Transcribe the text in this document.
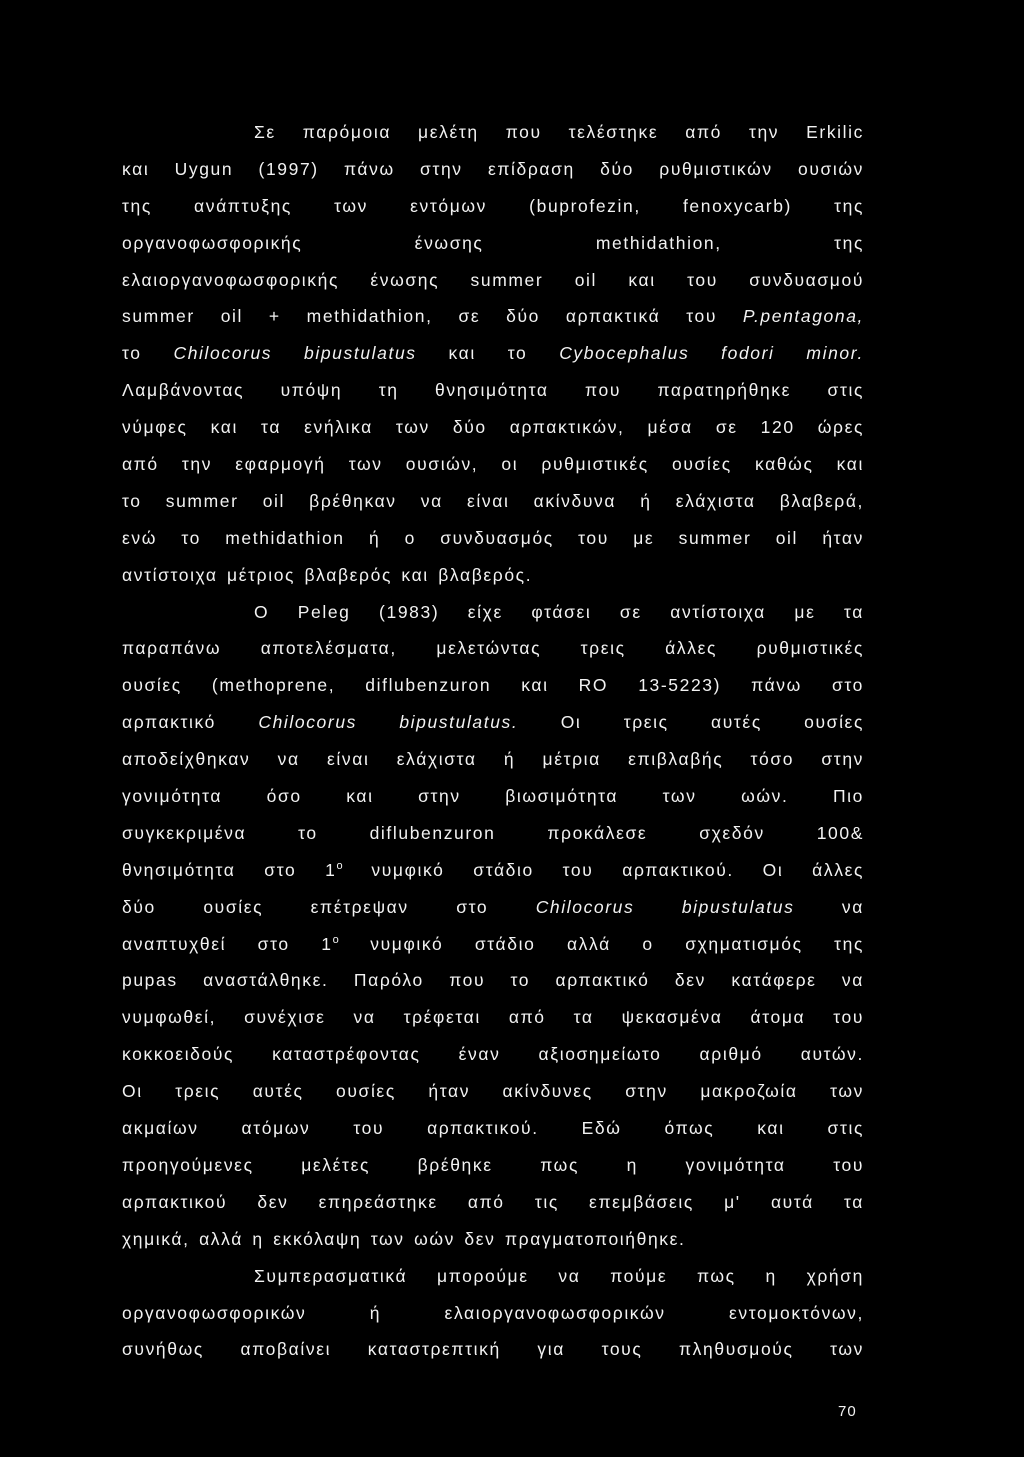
Σε παρόμοια μελέτη που τελέστηκε από την Erkilic
και Uygun (1997) πάνω στην επίδραση δύο ρυθμιστικών ουσιών
της ανάπτυξης των εντόμων (buprofezin, fenoxycarb) της
οργανοφωσφορικής ένωσης methidathion, της
ελαιοργανοφωσφορικής ένωσης summer oil και του συνδυασμού
summer oil + methidathion, σε δύο αρπακτικά του P.pentagona,
το Chilocorus bipustulatus και το Cybocephalus fodori minor.
Λαμβάνοντας υπόψη τη θνησιμότητα που παρατηρήθηκε στις
νύμφες και τα ενήλικα των δύο αρπακτικών, μέσα σε 120 ώρες
από την εφαρμογή των ουσιών, οι ρυθμιστικές ουσίες καθώς και
το summer oil βρέθηκαν να είναι ακίνδυνα ή ελάχιστα βλαβερά,
ενώ το methidathion ή ο συνδυασμός του με summer oil ήταν
αντίστοιχα μέτριος βλαβερός και βλαβερός.
Ο Peleg (1983) είχε φτάσει σε αντίστοιχα με τα
παραπάνω αποτελέσματα, μελετώντας τρεις άλλες ρυθμιστικές
ουσίες (methoprene, diflubenzuron και RO 13-5223) πάνω στο
αρπακτικό Chilocorus bipustulatus. Οι τρεις αυτές ουσίες
αποδείχθηκαν να είναι ελάχιστα ή μέτρια επιβλαβής τόσο στην
γονιμότητα όσο και στην βιωσιμότητα των ωών. Πιο
συγκεκριμένα το diflubenzuron προκάλεσε σχεδόν 100&
θνησιμότητα στο $1^o$ νυμφικό στάδιο του αρπακτικού. Οι άλλες
δύο ουσίες επέτρεψαν στο	Chilocorus bipustulatus	να
αναπτυχθεί στο $1^o$ νυμφικό στάδιο αλλά ο σχηματισμός της
pupas αναστάλθηκε. Παρόλο που το αρπακτικό δεν κατάφερε να
νυμφωθεί, συνέχισε να τρέφεται από τα ψεκασμένα άτομα του
κοκκοειδούς καταστρέφοντας έναν αξιοσημείωτο αριθμό αυτών.
Οι τρεις αυτές ουσίες ήταν ακίνδυνες στην μακροζωία των
ακμαίων ατόμων του αρπακτικού. Εδώ όπως και στις
προηγούμενες μελέτες βρέθηκε πως η γονιμότητα του
αρπακτικού δεν επηρεάστηκε από τις επεμβάσεις μ' αυτά τα
χημικά, αλλά η εκκόλαψη των ωών δεν πραγματοποιήθηκε.
Συμπερασματικά μπορούμε να πούμε πως η χρήση
οργανοφωσφορικών ή ελαιοργανοφωσφορικών εντομοκτόνων,
συνήθως αποβαίνει καταστρεπτική για τους πληθυσμούς των
70
